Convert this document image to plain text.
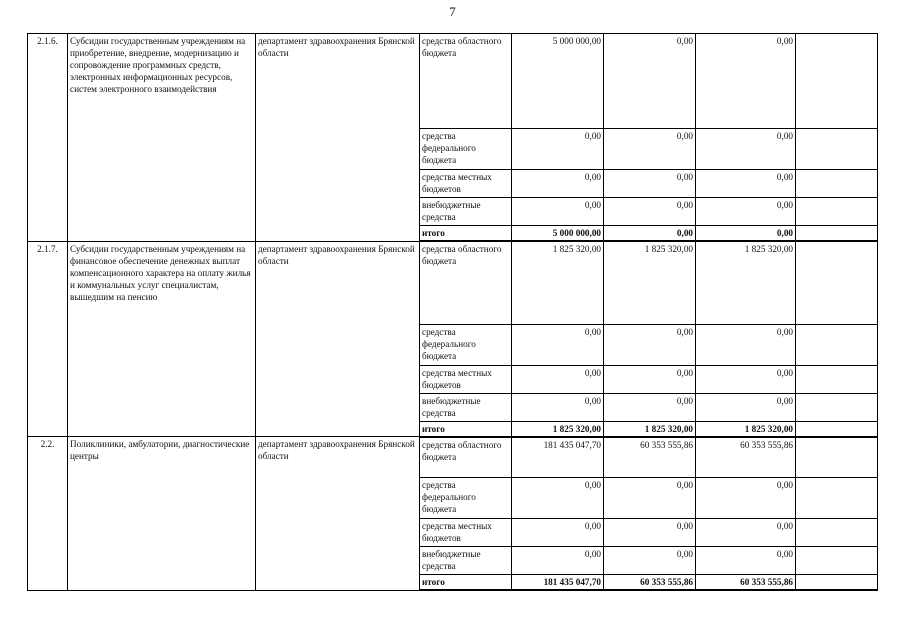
7
2.1.6.	Субсидии государственным учреждениям на приобретение, внедрение, модернизацию и сопровождение программных средств, электронных информационных ресурсов, систем электронного взаимодействия	департамент здравоохранения Брянской области	средства областного бюджета	5 000 000,00	0,00	0,00	
			средства федерального бюджета	0,00	0,00	0,00	
			средства местных бюджетов	0,00	0,00	0,00	
			внебюджетные средства	0,00	0,00	0,00	
			итого	5 000 000,00	0,00	0,00	
2.1.7.	Субсидии государственным учреждениям на финансовое обеспечение денежных выплат компенсационного характера на оплату жилья и коммунальных услуг специалистам, вышедшим на пенсию	департамент здравоохранения Брянской области	средства областного бюджета	1 825 320,00	1 825 320,00	1 825 320,00	
			средства федерального бюджета	0,00	0,00	0,00	
			средства местных бюджетов	0,00	0,00	0,00	
			внебюджетные средства	0,00	0,00	0,00	
			итого	1 825 320,00	1 825 320,00	1 825 320,00	
2.2.	Поликлиники, амбулатории, диагностические центры	департамент здравоохранения Брянской области	средства областного бюджета	181 435 047,70	60 353 555,86	60 353 555,86	
			средства федерального бюджета	0,00	0,00	0,00	
			средства местных бюджетов	0,00	0,00	0,00	
			внебюджетные средства	0,00	0,00	0,00	
			итого	181 435 047,70	60 353 555,86	60 353 555,86	
